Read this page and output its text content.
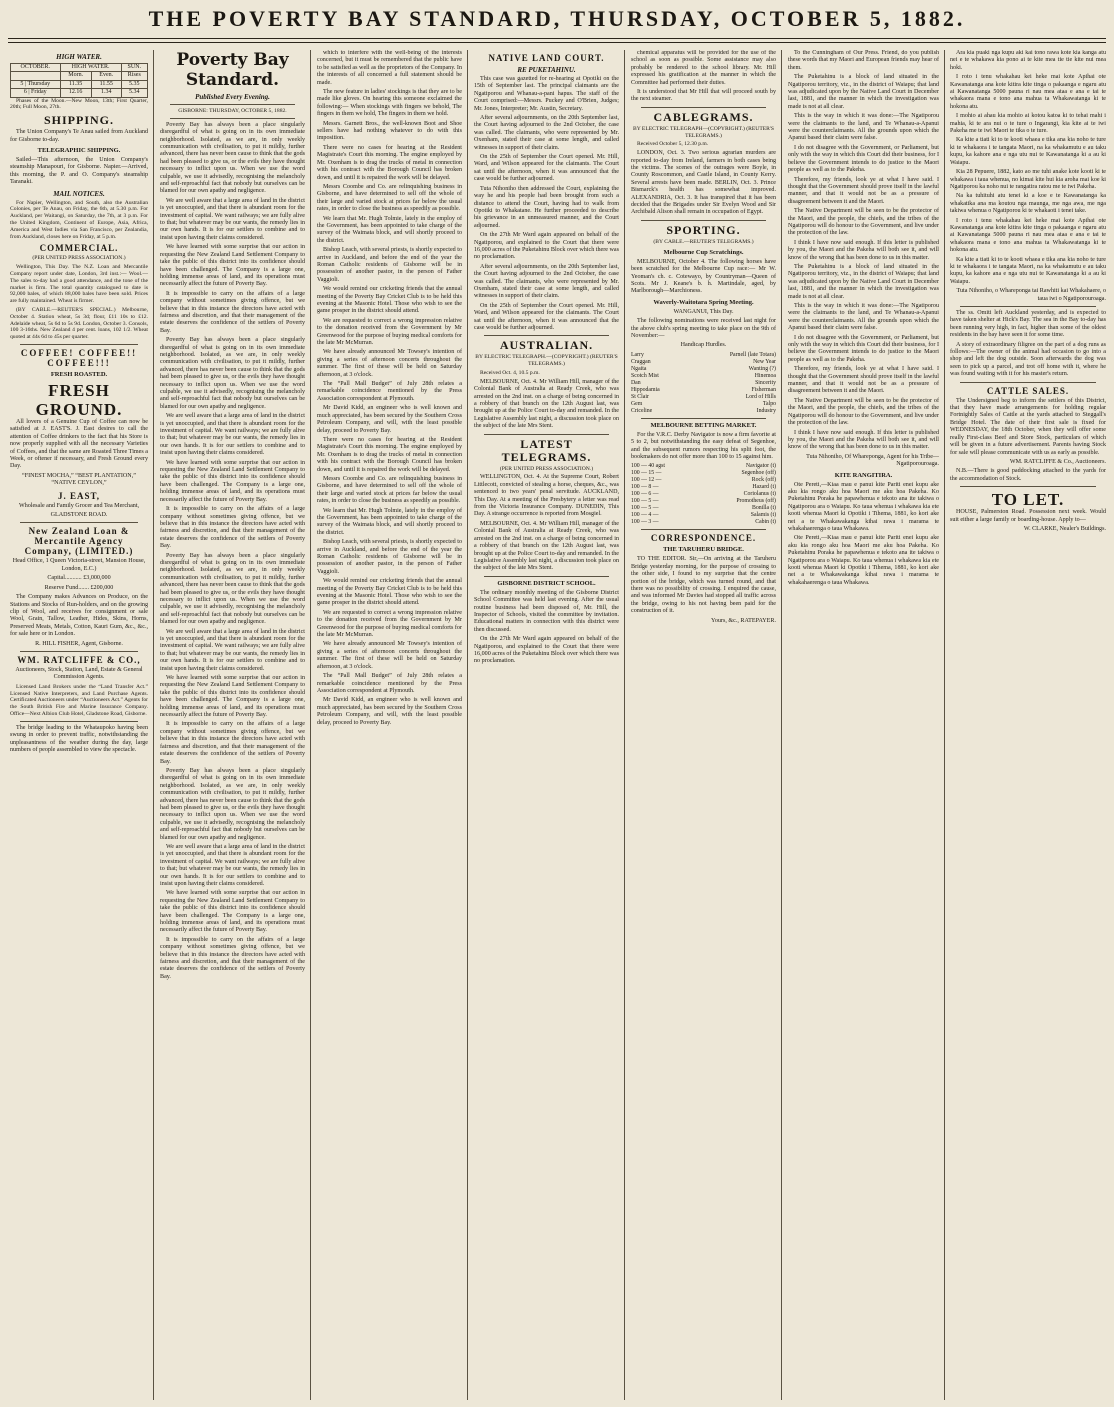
THE POVERTY BAY STANDARD, THURSDAY, OCTOBER 5, 1882.
HIGH WATER.
OCTOBER.	HIGH WATER.		SUN.
	Morn.	Even.	Rises
5 | Thursday	11.35	11.55	5.35
6 | Friday	12.16	1.34	5.34

Phases of the Moon.—New Moon, 13th; First Quarter, 20th; Full Moon, 27th.

SHIPPING.

The Union Company's Te Anau sailed from Auckland for Gisborne to-day.

TELEGRAPHIC SHIPPING.

Sailed—This afternoon, the Union Company's steamship Manapouri, for Gisborne. Napier.—Arrived, this morning, the P. and O. Company's steamship Taranaki.

MAIL NOTICES.

For Napier, Wellington, and South, also the Australian Colonies, per Te Anau, on Friday, the 6th, at 5.30 p.m. For Auckland, per Waitangi, on Saturday, the 7th, at 3 p.m. For the United Kingdom, Continent of Europe, Asia, Africa, America and West Indies via San Francisco, per Zealandia, from Auckland, closes here on Friday, at 5 p.m.

COMMERCIAL.

(PER UNITED PRESS ASSOCIATION.)

Wellington, This Day. The N.Z. Loan and Mercantile Company report under date, London, 3rd inst.:— Wool.—The sales to-day had a good attendance, and the tone of the market is firm. The total quantity catalogued to date is 92,000 bales, of which 88,000 bales have been sold. Prices are fully maintained. Wheat is firmer.

(BY CABLE.—REUTER'S SPECIAL.) Melbourne, October 4. Station wheat, 5s 3d; flour, £11 10s to £12. Adelaide wheat, 5s 6d to 5s 9d. London, October 3. Consols, 100 3-16ths. New Zealand 4 per cent. loans, 102 1/2. Wheat quoted at 44s 6d to 45s per quarter.

COFFEE! COFFEE!! COFFEE!!!
FRESH ROASTED.
FRESH GROUND.

All lovers of a Genuine Cup of Coffee can now be satisfied at J. EAST'S. J. East desires to call the attention of Coffee drinkers to the fact that his Store is now properly supplied with all the necessary Varieties of Coffees, and that the same are Roasted Three Times a Week, or oftener if necessary, and Fresh Ground every Day.

“FINEST MOCHA,” “BEST PLANTATION,” “NATIVE CEYLON,”

J. EAST,

Wholesale and Family Grocer and Tea Merchant,

GLADSTONE ROAD.

New Zealand Loan & Mercantile Agency Company, (LIMITED.)

Head Office, 1 Queen Victoria-street, Mansion House, London, E.C.)

Capital........... £3,000,000

Reserve Fund....... £200,000

The Company makes Advances on Produce, on the Stations and Stocks of Run-holders, and on the growing clip of Wool, and receives for consignment or sale Wool, Grain, Tallow, Leather, Hides, Skins, Horns, Preserved Meats, Metals, Cotton, Kauri Gum, &c., &c., for sale here or in London.

R. HILL FISHER, Agent, Gisborne.

WM. RATCLIFFE & CO.,

Auctioneers, Stock, Station, Land, Estate & General Commission Agents.

Licensed Land Brokers under the “Land Transfer Act.” Licensed Native Interpreters, and Land Purchase Agents. Certificated Auctioneers under “Auctioneers Act.” Agents for the South British Fire and Marine Insurance Company. Office—Next Albion Club Hotel, Gladstone Road, Gisborne.

The bridge leading to the Whataupoko having been swung in order to prevent traffic, notwithstanding the unpleasantness of the weather during the day, large numbers of people assembled to view the spectacle.

Poverty Bay Standard.
Published Every Evening.

GISBORNE: THURSDAY, OCTOBER 5, 1882.

Poverty Bay has always been a place singularly disregardful of what is going on in its own immediate neighborhood. Isolated, as we are, in only weekly communication with civilisation, to put it mildly, further advanced, there has never been cause to think that the gods had been pleased to give us, or the evils they have thought necessary to inflict upon us. When we use the word culpable, we use it advisedly, recognising the melancholy and self-reproachful fact that nobody but ourselves can be blamed for our own apathy and negligence.

We are well aware that a large area of land in the district is yet unoccupied, and that there is abundant room for the investment of capital. We want railways; we are fully alive to that; but whatever may be our wants, the remedy lies in our own hands. It is for our settlers to combine and to insist upon having their claims considered.

We have learned with some surprise that our action in requesting the New Zealand Land Settlement Company to take the public of this district into its confidence should have been challenged. The Company is a large one, holding immense areas of land, and its operations must necessarily affect the future of Poverty Bay.

It is impossible to carry on the affairs of a large company without sometimes giving offence, but we believe that in this instance the directors have acted with fairness and discretion, and that their management of the estate deserves the confidence of the settlers of Poverty Bay.

Poverty Bay has always been a place singularly disregardful of what is going on in its own immediate neighborhood. Isolated, as we are, in only weekly communication with civilisation, to put it mildly, further advanced, there has never been cause to think that the gods had been pleased to give us, or the evils they have thought necessary to inflict upon us. When we use the word culpable, we use it advisedly, recognising the melancholy and self-reproachful fact that nobody but ourselves can be blamed for our own apathy and negligence.

We are well aware that a large area of land in the district is yet unoccupied, and that there is abundant room for the investment of capital. We want railways; we are fully alive to that; but whatever may be our wants, the remedy lies in our own hands. It is for our settlers to combine and to insist upon having their claims considered.

We have learned with some surprise that our action in requesting the New Zealand Land Settlement Company to take the public of this district into its confidence should have been challenged. The Company is a large one, holding immense areas of land, and its operations must necessarily affect the future of Poverty Bay.

It is impossible to carry on the affairs of a large company without sometimes giving offence, but we believe that in this instance the directors have acted with fairness and discretion, and that their management of the estate deserves the confidence of the settlers of Poverty Bay.

Poverty Bay has always been a place singularly disregardful of what is going on in its own immediate neighborhood. Isolated, as we are, in only weekly communication with civilisation, to put it mildly, further advanced, there has never been cause to think that the gods had been pleased to give us, or the evils they have thought necessary to inflict upon us. When we use the word culpable, we use it advisedly, recognising the melancholy and self-reproachful fact that nobody but ourselves can be blamed for our own apathy and negligence.

We are well aware that a large area of land in the district is yet unoccupied, and that there is abundant room for the investment of capital. We want railways; we are fully alive to that; but whatever may be our wants, the remedy lies in our own hands. It is for our settlers to combine and to insist upon having their claims considered.

We have learned with some surprise that our action in requesting the New Zealand Land Settlement Company to take the public of this district into its confidence should have been challenged. The Company is a large one, holding immense areas of land, and its operations must necessarily affect the future of Poverty Bay.

It is impossible to carry on the affairs of a large company without sometimes giving offence, but we believe that in this instance the directors have acted with fairness and discretion, and that their management of the estate deserves the confidence of the settlers of Poverty Bay.

Poverty Bay has always been a place singularly disregardful of what is going on in its own immediate neighborhood. Isolated, as we are, in only weekly communication with civilisation, to put it mildly, further advanced, there has never been cause to think that the gods had been pleased to give us, or the evils they have thought necessary to inflict upon us. When we use the word culpable, we use it advisedly, recognising the melancholy and self-reproachful fact that nobody but ourselves can be blamed for our own apathy and negligence.

We are well aware that a large area of land in the district is yet unoccupied, and that there is abundant room for the investment of capital. We want railways; we are fully alive to that; but whatever may be our wants, the remedy lies in our own hands. It is for our settlers to combine and to insist upon having their claims considered.

We have learned with some surprise that our action in requesting the New Zealand Land Settlement Company to take the public of this district into its confidence should have been challenged. The Company is a large one, holding immense areas of land, and its operations must necessarily affect the future of Poverty Bay.

It is impossible to carry on the affairs of a large company without sometimes giving offence, but we believe that in this instance the directors have acted with fairness and discretion, and that their management of the estate deserves the confidence of the settlers of Poverty Bay.

which to interfere with the well-being of the interests concerned, but it must be remembered that the public have to be satisfied as well as the proprietors of the Company. In the interests of all concerned a full statement should be made.

The new feature in ladies' stockings is that they are to be made like gloves. On hearing this someone exclaimed the following:— When stockings with fingers we behold, The fingers in them we hold, The fingers in them we hold.

Messrs. Garnett Bros., the well-known Boot and Shoe sellers have had nothing whatever to do with this imposition.

There were no cases for hearing at the Resident Magistrate's Court this morning. The engine employed by Mr. Oxenham is to drag the trucks of metal in connection with his contract with the Borough Council has broken down, and until it is repaired the work will be delayed.

Messrs Coombe and Co. are relinquishing business in Gisborne, and have determined to sell off the whole of their large and varied stock at prices far below the usual rates, in order to close the business as speedily as possible.

We learn that Mr. Hugh Tolmie, lately in the employ of the Government, has been appointed to take charge of the survey of the Waimata block, and will shortly proceed to the district.

Bishop Leach, with several priests, is shortly expected to arrive in Auckland, and before the end of the year the Roman Catholic residents of Gisborne will be in possession of another pastor, in the person of Father Vaggioli.

We would remind our cricketing friends that the annual meeting of the Poverty Bay Cricket Club is to be held this evening at the Masonic Hotel. Those who wish to see the game prosper in the district should attend.

We are requested to correct a wrong impression relative to the donation received from the Government by Mr Greenwood for the purpose of buying medical comforts for the late Mr McMurran.

We have already announced Mr Towsey's intention of giving a series of afternoon concerts throughout the summer. The first of these will be held on Saturday afternoon, at 3 o'clock.

The “Pall Mall Budget” of July 28th relates a remarkable coincidence mentioned by the Press Association correspondent at Plymouth.

Mr David Kidd, an engineer who is well known and much appreciated, has been secured by the Southern Cross Petroleum Company, and will, with the least possible delay, proceed to Poverty Bay.

There were no cases for hearing at the Resident Magistrate's Court this morning. The engine employed by Mr. Oxenham is to drag the trucks of metal in connection with his contract with the Borough Council has broken down, and until it is repaired the work will be delayed.

Messrs Coombe and Co. are relinquishing business in Gisborne, and have determined to sell off the whole of their large and varied stock at prices far below the usual rates, in order to close the business as speedily as possible.

We learn that Mr. Hugh Tolmie, lately in the employ of the Government, has been appointed to take charge of the survey of the Waimata block, and will shortly proceed to the district.

Bishop Leach, with several priests, is shortly expected to arrive in Auckland, and before the end of the year the Roman Catholic residents of Gisborne will be in possession of another pastor, in the person of Father Vaggioli.

We would remind our cricketing friends that the annual meeting of the Poverty Bay Cricket Club is to be held this evening at the Masonic Hotel. Those who wish to see the game prosper in the district should attend.

We are requested to correct a wrong impression relative to the donation received from the Government by Mr Greenwood for the purpose of buying medical comforts for the late Mr McMurran.

We have already announced Mr Towsey's intention of giving a series of afternoon concerts throughout the summer. The first of these will be held on Saturday afternoon, at 3 o'clock.

The “Pall Mall Budget” of July 28th relates a remarkable coincidence mentioned by the Press Association correspondent at Plymouth.

Mr David Kidd, an engineer who is well known and much appreciated, has been secured by the Southern Cross Petroleum Company, and will, with the least possible delay, proceed to Poverty Bay.

NATIVE LAND COURT.
RE PUKETAHINU.

This case was gazetted for re-hearing at Opotiki on the 15th of September last. The principal claimants are the Ngatiporou and Whanau-a-pani hapus. The staff of the Court comprised:—Messrs. Puckey and O'Brien, Judges; Mr. Jones, Interpreter; Mr. Austin, Secretary.

After several adjournments, on the 20th September last, the Court having adjourned to the 2nd October, the case was called. The claimants, who were represented by Mr. Oxenham, stated their case at some length, and called witnesses in support of their claim.

On the 25th of September the Court opened. Mr. Hill, Ward, and Wilson appeared for the claimants. The Court sat until the afternoon, when it was announced that the case would be further adjourned.

Tuta Nihoniho then addressed the Court, explaining the way he and his people had been brought from such a distance to attend the Court, having had to walk from Opotiki to Whakatane. He further proceeded to describe his grievance in an unmeasured manner, and the Court adjourned.

On the 27th Mr Ward again appeared on behalf of the Ngatiporou, and explained to the Court that there were 16,000 acres of the Puketahinu Block over which there was no proclamation.

After several adjournments, on the 20th September last, the Court having adjourned to the 2nd October, the case was called. The claimants, who were represented by Mr. Oxenham, stated their case at some length, and called witnesses in support of their claim.

On the 25th of September the Court opened. Mr. Hill, Ward, and Wilson appeared for the claimants. The Court sat until the afternoon, when it was announced that the case would be further adjourned.

AUSTRALIAN.

BY ELECTRIC TELEGRAPH.—(COPYRIGHT.) (REUTER'S TELEGRAMS.)

Received Oct. 4, 10.5 p.m.

MELBOURNE, Oct. 4. Mr William Hill, manager of the Colonial Bank of Australia at Ready Creek, who was arrested on the 2nd inst. on a charge of being concerned in a robbery of that branch on the 12th August last, was brought up at the Police Court to-day and remanded. In the Legislative Assembly last night, a discussion took place on the subject of the late Mrs Stent.

LATEST TELEGRAMS.

(PER UNITED PRESS ASSOCIATION.)

WELLINGTON, Oct. 4. At the Supreme Court, Robert Littlecott, convicted of stealing a horse, cheques, &c., was sentenced to two years' penal servitude. AUCKLAND, This Day. At a meeting of the Presbytery a letter was read from the Victoria Insurance Company. DUNEDIN, This Day. A strange occurrence is reported from Mosgiel.

MELBOURNE, Oct. 4. Mr William Hill, manager of the Colonial Bank of Australia at Ready Creek, who was arrested on the 2nd inst. on a charge of being concerned in a robbery of that branch on the 12th August last, was brought up at the Police Court to-day and remanded. In the Legislative Assembly last night, a discussion took place on the subject of the late Mrs Stent.

GISBORNE DISTRICT SCHOOL.

The ordinary monthly meeting of the Gisborne District School Committee was held last evening. After the usual routine business had been disposed of, Mr. Hill, the Inspector of Schools, visited the committee by invitation. Educational matters in connection with this district were then discussed.

On the 27th Mr Ward again appeared on behalf of the Ngatiporou, and explained to the Court that there were 16,000 acres of the Puketahinu Block over which there was no proclamation.

chemical apparatus will be provided for the use of the school as soon as possible. Some assistance may also probably be rendered to the school library. Mr. Hill expressed his gratification at the manner in which the Committee had performed their duties.

It is understood that Mr Hill that will proceed south by the next steamer.

CABLEGRAMS.

BY ELECTRIC TELEGRAPH—(COPYRIGHT.) (REUTER'S TELEGRAMS.)

Received October 5, 12.30 p.m.

LONDON, Oct. 3. Two serious agrarian murders are reported to-day from Ireland, farmers in both cases being the victims. The scenes of the outrages were Boyle, in County Roscommon, and Castle Island, in County Kerry. Several arrests have been made. BERLIN, Oct. 3. Prince Bismarck's health has somewhat improved. ALEXANDRIA, Oct. 3. It has transpired that it has been decided that the Brigades under Sir Evelyn Wood and Sir Archibald Alison shall remain in occupation of Egypt.

SPORTING.

(BY CABLE.—REUTER'S TELEGRAMS.)

Melbourne Cup Scratchings.

MELBOURNE, October 4. The following horses have been scratched for the Melbourne Cup race:— Mr W. Yeoman's ch. c. Cotewayo, by Countryman—Queen of Scots. Mr J. Keane's b. h. Martindale, aged, by Marlborough—Marchioness.

Waverly-Waitotara Spring Meeting.

WANGANUI, This Day.

The following nominations were received last night for the above club's spring meeting to take place on the 9th of November:—

Handicap Hurdles.

Larry	Parnell (late Totara)
Craggan	New Year
Ngaita	Wanting (?)
Scotch Mist	Hinemoa
Dan	Sincerity
Hippodamia	Fisherman
St Clair	Lord of Hills
Gem	Talpo
Criceline	Industry
MELBOURNE BETTING MARKET.

For the V.R.C. Derby Navigator is now a firm favorite at 5 to 2, but notwithstanding the easy defeat of Segenhoe, and the subsequent rumors respecting his split foot, the bookmakers do not offer more than 100 to 15 against him.

100 — 40 agst	Navigator (t)
100 — 15 —	Segenhoe (off)
100 — 12 —	Rock (off)
100 — 8 —	Hazard (t)
100 — 6 —	Coriolanus (t)
100 — 5 —	Promotheus (off)
100 — 5 —	Bonilla (t)
100 — 4 —	Salamis (t)
100 — 3 —	Cabin (t)
CORRESPONDENCE.
THE TARUHERU BRIDGE.

TO THE EDITOR. Sir,—On arriving at the Taruheru Bridge yesterday morning, for the purpose of crossing to the other side, I found to my surprise that the centre portion of the bridge, which was turned round, and that there was no possibility of crossing. I enquired the cause, and was informed Mr Davies had stopped all traffic across the bridge, owing to his not having been paid for the construction of it.

Yours, &c., RATEPAYER.

To the Cunningham of Our Press. Friend, do you publish these words that my Maori and European friends may hear of them.

The Puketahinu is a block of land situated in the Ngatiporou territory, viz., in the district of Waiapu; that land was adjudicated upon by the Native Land Court in December last, 1881, and the manner in which the investigation was made is not at all clear.

This is the way in which it was done:—The Ngatiporou were the claimants to the land, and Te Whanau-a-Apanui were the counterclaimants. All the grounds upon which the Apanui based their claim were false.

I do not disagree with the Government, or Parliament, but only with the way in which this Court did their business, for I believe the Government intends to do justice to the Maori people as well as to the Pakeha.

Therefore, my friends, look ye at what I have said. I thought that the Government should prove itself in the lawful manner, and that it would not be as a pressure of disagreement between it and the Maori.

The Native Department will be seen to be the protector of the Maori, and the people, the chiefs, and the tribes of the Ngatiporou will do honour to the Government, and live under the protection of the law.

I think I have now said enough. If this letter is published by you, the Maori and the Pakeha will both see it, and will know of the wrong that has been done to us in this matter.

The Puketahinu is a block of land situated in the Ngatiporou territory, viz., in the district of Waiapu; that land was adjudicated upon by the Native Land Court in December last, 1881, and the manner in which the investigation was made is not at all clear.

This is the way in which it was done:—The Ngatiporou were the claimants to the land, and Te Whanau-a-Apanui were the counterclaimants. All the grounds upon which the Apanui based their claim were false.

I do not disagree with the Government, or Parliament, but only with the way in which this Court did their business, for I believe the Government intends to do justice to the Maori people as well as to the Pakeha.

Therefore, my friends, look ye at what I have said. I thought that the Government should prove itself in the lawful manner, and that it would not be as a pressure of disagreement between it and the Maori.

The Native Department will be seen to be the protector of the Maori, and the people, the chiefs, and the tribes of the Ngatiporou will do honour to the Government, and live under the protection of the law.

I think I have now said enough. If this letter is published by you, the Maori and the Pakeha will both see it, and will know of the wrong that has been done to us in this matter.

Tuta Nihoniho, Of Whareponga, Agent for his Tribe—Ngatiporouroaga.

KITE RANGITIRA.

Ote Pereti,—Kiaa mau e panui kite Pariti enei kupu ake aku kia rongo aku hoa Maori me aku hoa Pakeha. Ko Puketahinu Poraka he papawhenua e tekoto ana ite takiwa o Ngatiporou ara o Waiapu. Ko taua whenua i whakawa kia ete kooti whenua Maori ki Opotiki i Tihema, 1881, ko kori ake nei a te Whakawakanga kihai rawa i marama te whakahaerenga o taua Whakawa.

Ote Pereti,—Kiaa mau e panui kite Pariti enei kupu ake aku kia rongo aku hoa Maori me aku hoa Pakeha. Ko Puketahinu Poraka he papawhenua e tekoto ana ite takiwa o Ngatiporou ara o Waiapu. Ko taua whenua i whakawa kia ete kooti whenua Maori ki Opotiki i Tihema, 1881, ko kori ake nei a te Whakawakanga kihai rawa i marama te whakahaerenga o taua Whakawa.

Ara kia puaki nga kupu aki kai tono rawa kote kia kanga atu nei e te whakawa kia pono ai te kite mea tie tie kite nui mea hoki.

I roto i tenu whakahau kei heke mai kote Apihai ote Kawanatanga ana kote kitira kite tinga o pakaanga e ngaru atu ai Kawanatanga 5000 pauna ri nau mea ataa e ana e tai te whakaora mana e tono ana mahua ta Whakawatanga ki te hokona atu.

I mohio ai ahau kia mohio ai kotou katoa ki to tehai mahi i mahia, ki te ara nui o te ture o Ingarangi, kia kite ai te iwi Pakeha me te iwi Maori te tika o te ture.

Ka kite a tiati ki to te kooti whaea e tika ana kia noho te ture ki te whakaora i te tangata Maori, na ka whakamutu e au taku kupu, ka kahore ana e nga utu nui te Kawanatanga ki a au ki Waiapu.

Kia 28 Pepuere, 1882, kato ao me tuhi anake kote kooti ki te whakawa i taua whenua, no kimai kite hui kia aroha mai koe ki Ngatiporou ka noho nui te rangatira ratou me te iwi Pakeha.

Na ka tuhituhi atu tenei ki a koe e te Kawanatanga ka whakatika ana ma koutou nga maunga, me nga awa, me nga takiwa whenua o Ngatiporou ki te whakaoti i tenei take.

I roto i tenu whakahau kei heke mai kote Apihai ote Kawanatanga ana kote kitira kite tinga o pakaanga e ngaru atu ai Kawanatanga 5000 pauna ri nau mea ataa e ana e tai te whakaora mana e tono ana mahua ta Whakawatanga ki te hokona atu.

Ka kite a tiati ki to te kooti whaea e tika ana kia noho te ture ki te whakaora i te tangata Maori, na ka whakamutu e au taku kupu, ka kahore ana e nga utu nui te Kawanatanga ki a au ki Waiapu.

Tuta Nihoniho, o Whareponga tai Rawhiti kai Whakahaere, o taua iwi o Ngatiporouroaga.

The ss. Omiti left Auckland yesterday, and is expected to have taken shelter at Hick's Bay. The sea in the Bay to-day has been running very high, in fact, higher than some of the oldest residents in the bay have seen it for some time.

A story of extraordinary filigree on the part of a dog runs as follows:—The owner of the animal had occasion to go into a shop and left the dog outside. Soon afterwards the dog was seen to pick up a parcel, and trot off home with it, where he was found waiting with it for his master's return.

CATTLE SALES.

The Undersigned beg to inform the settlers of this District, that they have made arrangements for holding regular Fortnightly Sales of Cattle at the yards attached to Steggall's Bridge Hotel. The date of their first sale is fixed for WEDNESDAY, the 18th October, when they will offer some really First-class Beef and Store Stock, particulars of which will be given in a future advertisement. Parents having Stock for sale will please communicate with us as early as possible.

WM. RATCLIFFE & Co., Auctioneers.

N.B.—There is good paddocking attached to the yards for the accommodation of Stock.

TO LET.

HOUSE, Palmerston Road. Possession next week. Would suit either a large family or boarding-house. Apply to—

W. CLARKE, Nealer's Buildings.
